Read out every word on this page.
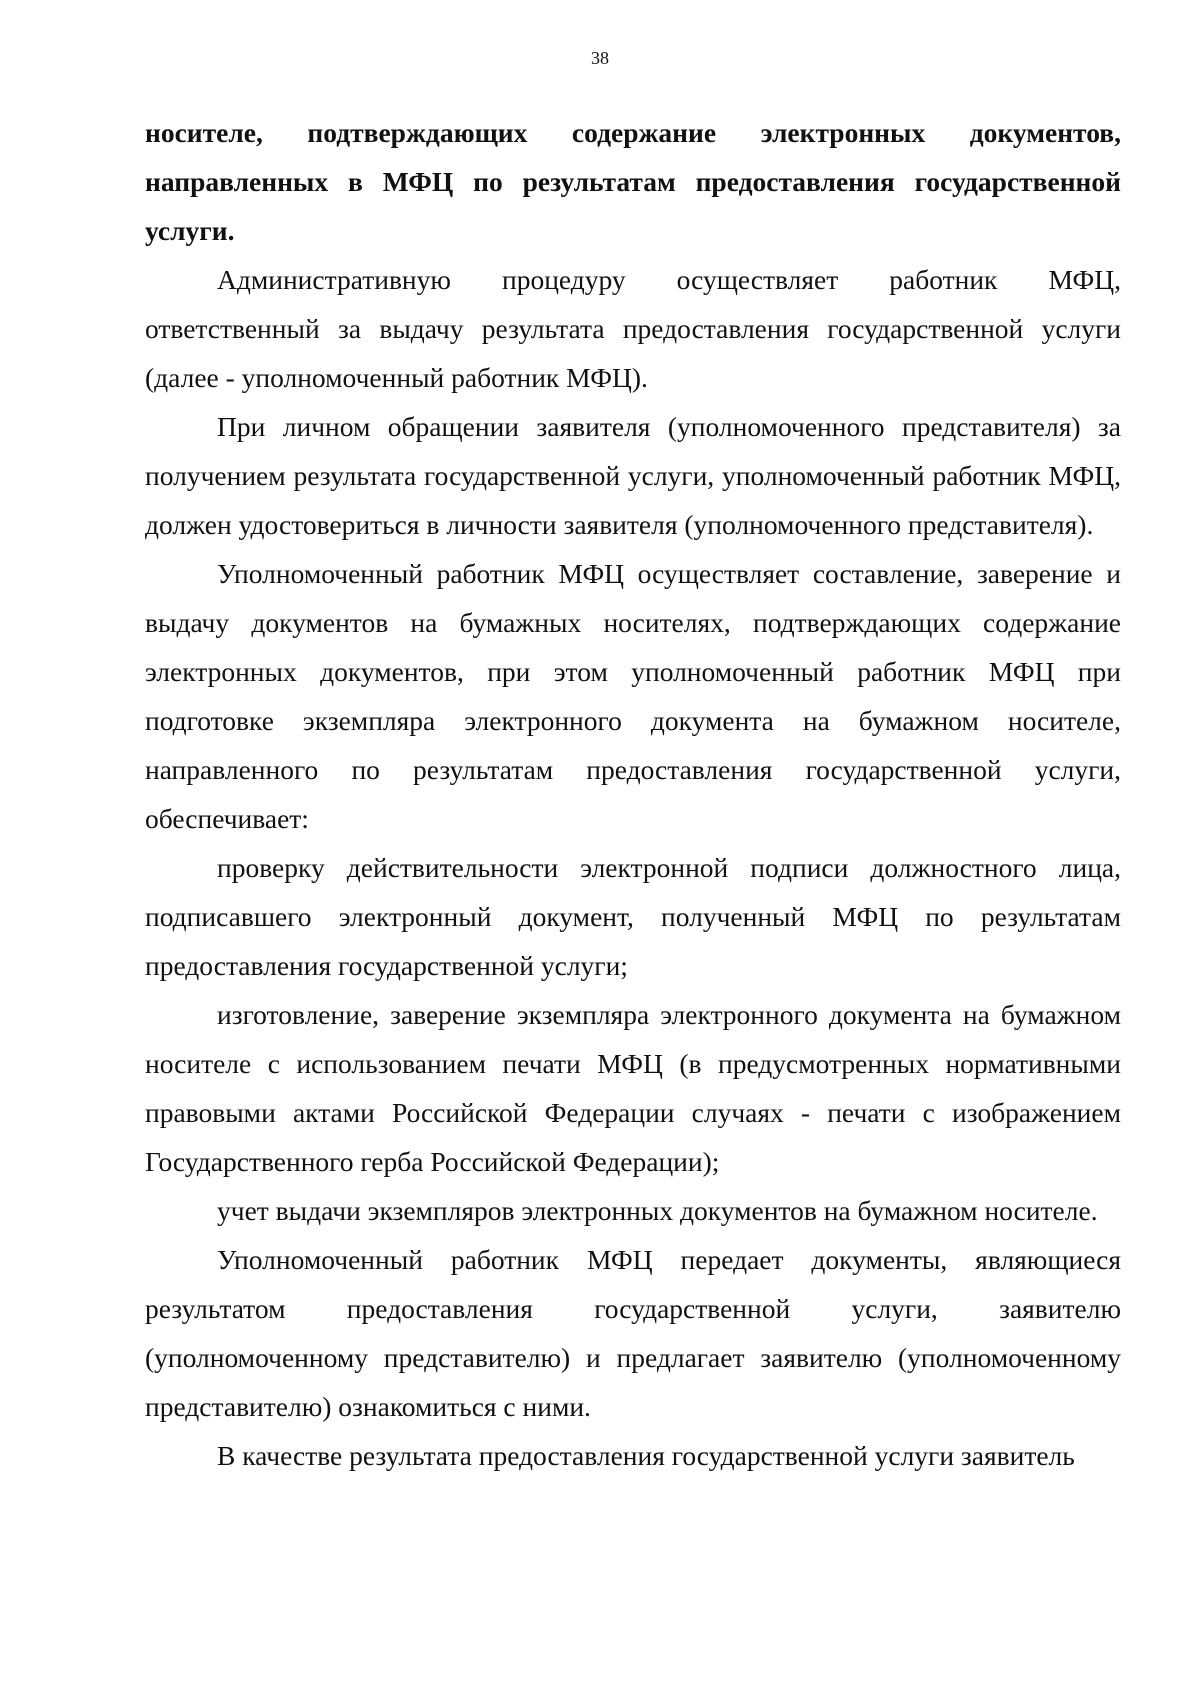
38

носителе, подтверждающих содержание электронных документов, направленных в МФЦ по результатам предоставления государственной услуги.

Административную процедуру осуществляет работник МФЦ, ответственный за выдачу результата предоставления государственной услуги (далее - уполномоченный работник МФЦ).

При личном обращении заявителя (уполномоченного представителя) за получением результата государственной услуги, уполномоченный работник МФЦ, должен удостовериться в личности заявителя (уполномоченного представителя).

Уполномоченный работник МФЦ осуществляет составление, заверение и выдачу документов на бумажных носителях, подтверждающих содержание электронных документов, при этом уполномоченный работник МФЦ при подготовке экземпляра электронного документа на бумажном носителе, направленного по результатам предоставления государственной услуги, обеспечивает:

проверку действительности электронной подписи должностного лица, подписавшего электронный документ, полученный МФЦ по результатам предоставления государственной услуги;

изготовление, заверение экземпляра электронного документа на бумажном носителе с использованием печати МФЦ (в предусмотренных нормативными правовыми актами Российской Федерации случаях - печати с изображением Государственного герба Российской Федерации);

учет выдачи экземпляров электронных документов на бумажном носителе.

Уполномоченный работник МФЦ передает документы, являющиеся результатом предоставления государственной услуги, заявителю (уполномоченному представителю) и предлагает заявителю (уполномоченному представителю) ознакомиться с ними.

В качестве результата предоставления государственной услуги заявитель
